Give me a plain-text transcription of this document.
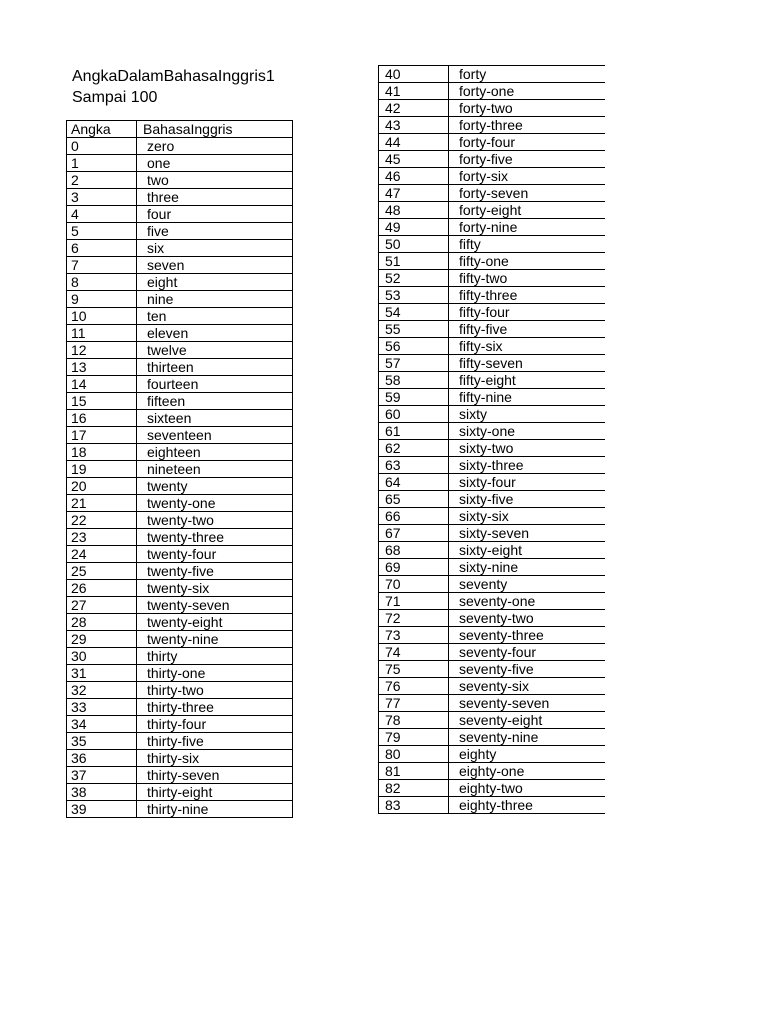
AngkaDalamBahasaInggris1
Sampai 100
Angka	BahasaInggris
0	zero
1	one
2	two
3	three
4	four
5	five
6	six
7	seven
8	eight
9	nine
10	ten
11	eleven
12	twelve
13	thirteen
14	fourteen
15	fifteen
16	sixteen
17	seventeen
18	eighteen
19	nineteen
20	twenty
21	twenty-one
22	twenty-two
23	twenty-three
24	twenty-four
25	twenty-five
26	twenty-six
27	twenty-seven
28	twenty-eight
29	twenty-nine
30	thirty
31	thirty-one
32	thirty-two
33	thirty-three
34	thirty-four
35	thirty-five
36	thirty-six
37	thirty-seven
38	thirty-eight
39	thirty-nine
40	forty
41	forty-one
42	forty-two
43	forty-three
44	forty-four
45	forty-five
46	forty-six
47	forty-seven
48	forty-eight
49	forty-nine
50	fifty
51	fifty-one
52	fifty-two
53	fifty-three
54	fifty-four
55	fifty-five
56	fifty-six
57	fifty-seven
58	fifty-eight
59	fifty-nine
60	sixty
61	sixty-one
62	sixty-two
63	sixty-three
64	sixty-four
65	sixty-five
66	sixty-six
67	sixty-seven
68	sixty-eight
69	sixty-nine
70	seventy
71	seventy-one
72	seventy-two
73	seventy-three
74	seventy-four
75	seventy-five
76	seventy-six
77	seventy-seven
78	seventy-eight
79	seventy-nine
80	eighty
81	eighty-one
82	eighty-two
83	eighty-three
